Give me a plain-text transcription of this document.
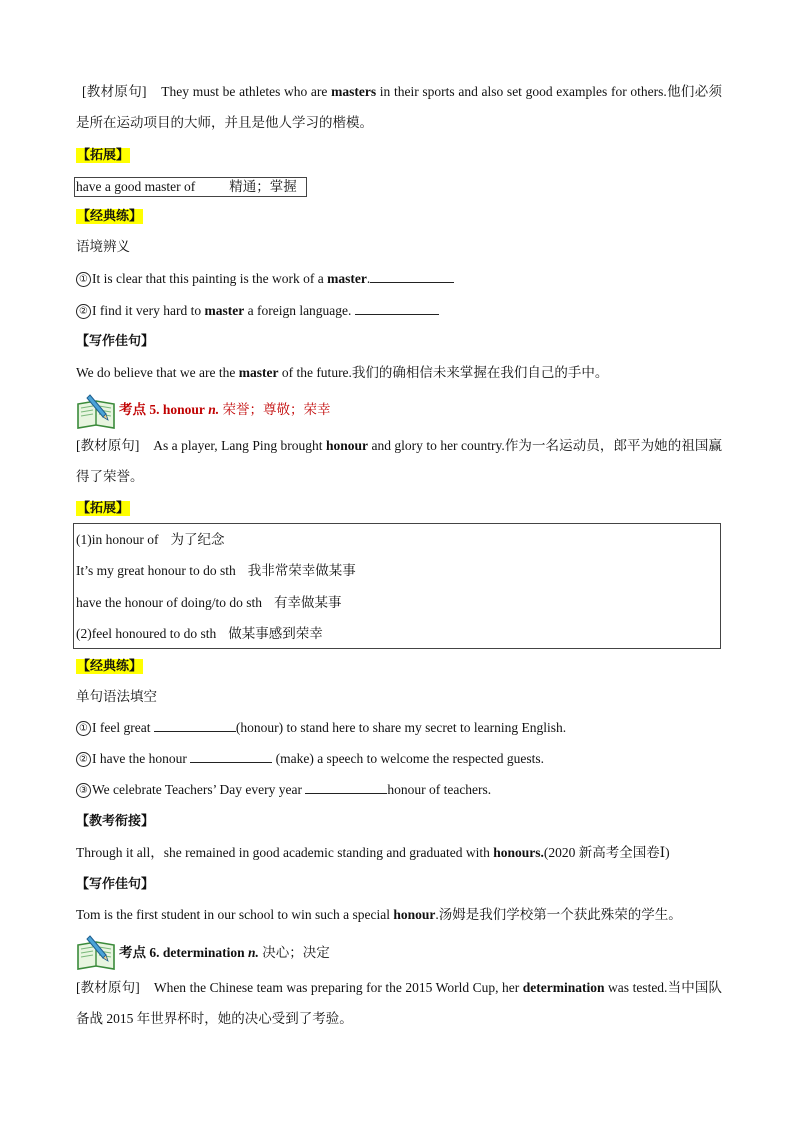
[教材原句] They must be athletes who are masters in their sports and also set good examples for others.他们必须是所在运动项目的大师，并且是他人学习的楷模。
【拓展】
have a good master of	精通；掌握
【经典练】
语境辨义
① It is clear that this painting is the work of a master.
② I find it very hard to master a foreign language.
【写作佳句】
We do believe that we are the master of the future.我们的确相信未来掌握在我们自己的手中。
考点 5. honour n. 荣誉；尊敬；荣幸
[教材原句] As a player, Lang Ping brought honour and glory to her country.作为一名运动员，郎平为她的祖国赢得了荣誉。
【拓展】
(1)in honour of 为了纪念
It’s my great honour to do sth 我非常荣幸做某事
have the honour of doing/to do sth 有幸做某事
(2)feel honoured to do sth 做某事感到荣幸
【经典练】
单句语法填空
① I feel great	(honour) to stand here to share my secret to learning English.
② I have the honour	(make) a speech to welcome the respected guests.
③ We celebrate Teachers’ Day every year	honour of teachers.
【教考衔接】
Through it all，she remained in good academic standing and graduated with honours.(2020 新高考全国卷Ⅰ)
【写作佳句】
Tom is the first student in our school to win such a special honour.汤姆是我们学校第一个获此殊荣的学生。
考点 6. determination n. 决心；决定
[教材原句] When the Chinese team was preparing for the 2015 World Cup, her determination was tested.当中国队备战 2015 年世界杯时，她的决心受到了考验。
